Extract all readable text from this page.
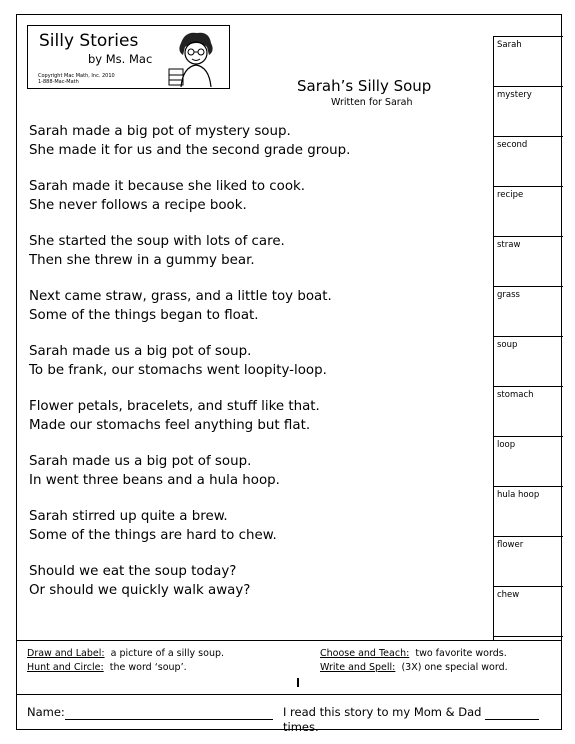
Silly Stories
by Ms. Mac
Copyright Mac Math, Inc. 2010
1-888-Mac-Math	Sarah’s Silly Soup
Written for Sarah
Sarah made a big pot of mystery soup.
She made it for us and the second grade group.
Sarah made it because she liked to cook.
She never follows a recipe book.
She started the soup with lots of care.
Then she threw in a gummy bear.
Next came straw, grass, and a little toy boat.
Some of the things began to float.
Sarah made us a big pot of soup.
To be frank, our stomachs went loopity-loop.
Flower petals, bracelets, and stuff like that.
Made our stomachs feel anything but flat.
Sarah made us a big pot of soup.
In went three beans and a hula hoop.
Sarah stirred up quite a brew.
Some of the things are hard to chew.
Should we eat the soup today?
Or should we quickly walk away?
Sarah
mystery
second
recipe
straw
grass
soup
stomach
loop
hula hoop
flower
chew
Draw and Label: a picture of a silly soup.
Hunt and Circle: the word ‘soup’.
Choose and Teach: two favorite words.
Write and Spell: (3X) one special word.
Name:	I read this story to my Mom & Dad  times.
